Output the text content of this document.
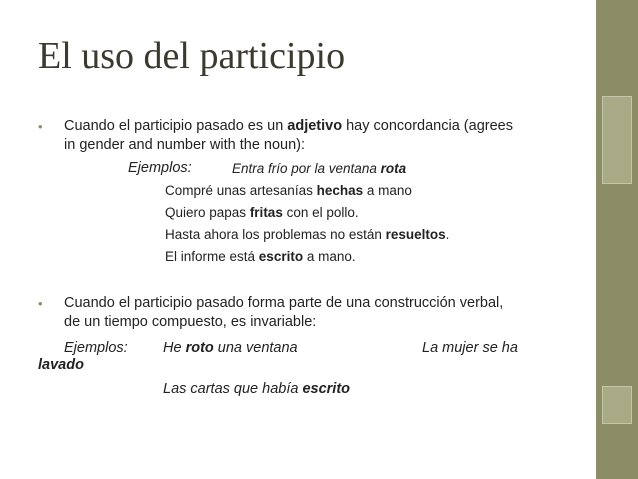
El uso del participio
• Cuando el participio pasado es un adjetivo hay concordancia (agrees
in gender and number with the noun):
Ejemplos:	Entra frío por la ventana rota
Compré unas artesanías hechas a mano
Quiero papas fritas con el pollo.
Hasta ahora los problemas no están resueltos.
El informe está escrito a mano.
• Cuando el participio pasado forma parte de una construcción verbal,
de un tiempo compuesto, es invariable:
Ejemplos: He roto una ventana	La mujer se ha
lavado
Las cartas que había escrito
